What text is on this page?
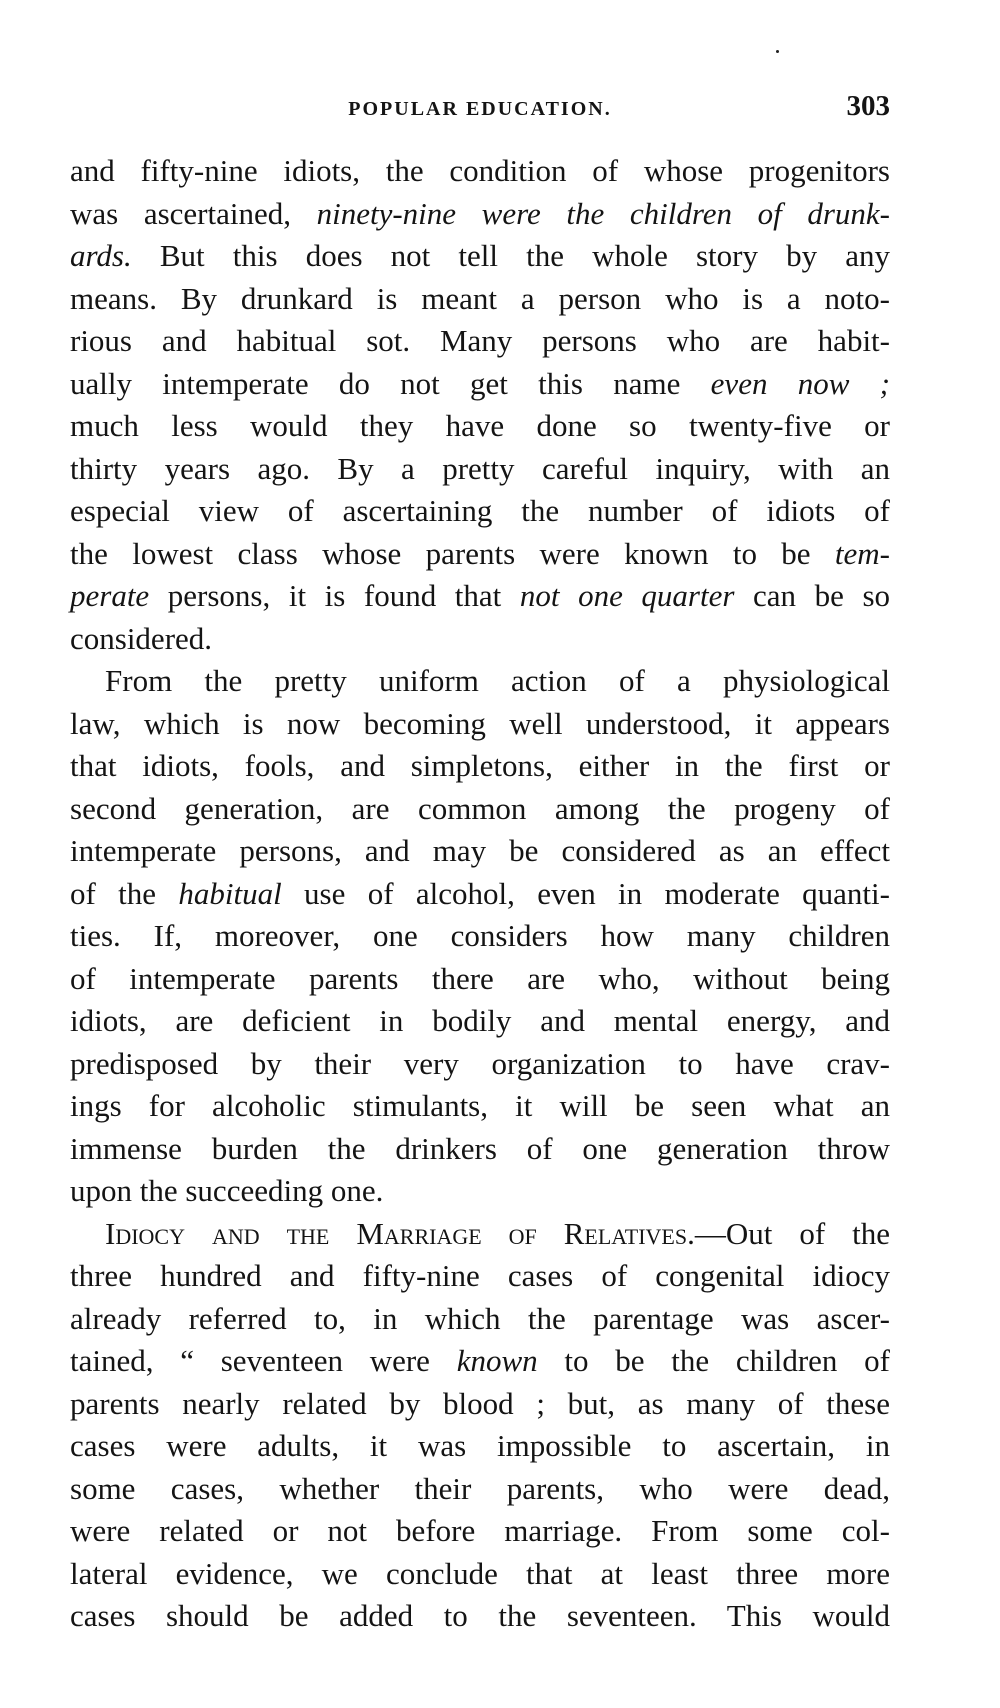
POPULAR EDUCATION.	303
and fifty-nine idiots, the condition of whose progenitors
was ascertained, ninety-nine were the children of drunk-
ards. But this does not tell the whole story by any
means. By drunkard is meant a person who is a noto-
rious and habitual sot. Many persons who are habit-
ually intemperate do not get this name even now ;
much less would they have done so twenty-five or
thirty years ago. By a pretty careful inquiry, with an
especial view of ascertaining the number of idiots of
the lowest class whose parents were known to be tem-
perate persons, it is found that not one quarter can be so
considered.
From the pretty uniform action of a physiological
law, which is now becoming well understood, it appears
that idiots, fools, and simpletons, either in the first or
second generation, are common among the progeny of
intemperate persons, and may be considered as an effect
of the habitual use of alcohol, even in moderate quanti-
ties. If, moreover, one considers how many children
of intemperate parents there are who, without being
idiots, are deficient in bodily and mental energy, and
predisposed by their very organization to have crav-
ings for alcoholic stimulants, it will be seen what an
immense burden the drinkers of one generation throw
upon the succeeding one.
Idiocy and the Marriage of Relatives.—Out of the
three hundred and fifty-nine cases of congenital idiocy
already referred to, in which the parentage was ascer-
tained, “ seventeen were known to be the children of
parents nearly related by blood ; but, as many of these
cases were adults, it was impossible to ascertain, in
some cases, whether their parents, who were dead,
were related or not before marriage. From some col-
lateral evidence, we conclude that at least three more
cases should be added to the seventeen. This would
